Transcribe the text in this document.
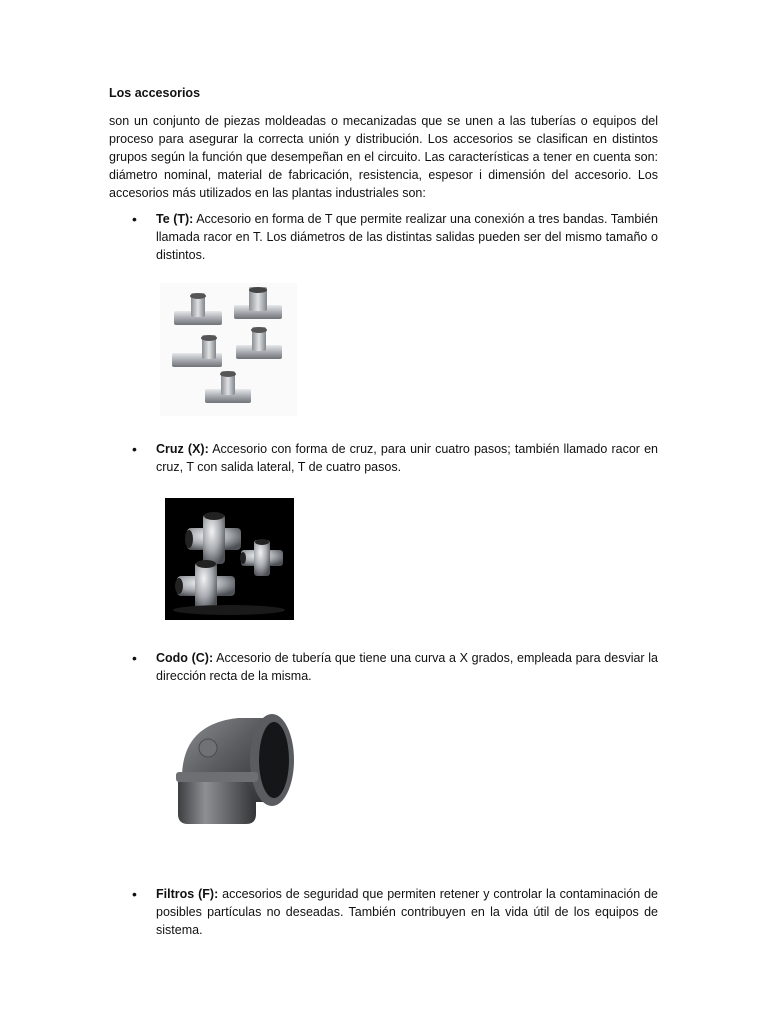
Los accesorios
son un conjunto de piezas moldeadas o mecanizadas que se unen a las tuberías o equipos del proceso para asegurar la correcta unión y distribución. Los accesorios se clasifican en distintos grupos según la función que desempeñan en el circuito. Las características a tener en cuenta son: diámetro nominal, material de fabricación, resistencia, espesor i dimensión del accesorio. Los accesorios más utilizados en las plantas industriales son:
• Te (T): Accesorio en forma de T que permite realizar una conexión a tres bandas. También llamada racor en T. Los diámetros de las distintas salidas pueden ser del mismo tamaño o distintos.
• Cruz (X): Accesorio con forma de cruz, para unir cuatro pasos; también llamado racor en cruz, T con salida lateral, T de cuatro pasos.
• Codo (C): Accesorio de tubería que tiene una curva a X grados, empleada para desviar la dirección recta de la misma.
• Filtros (F): accesorios de seguridad que permiten retener y controlar la contaminación de posibles partículas no deseadas. También contribuyen en la vida útil de los equipos de sistema.
